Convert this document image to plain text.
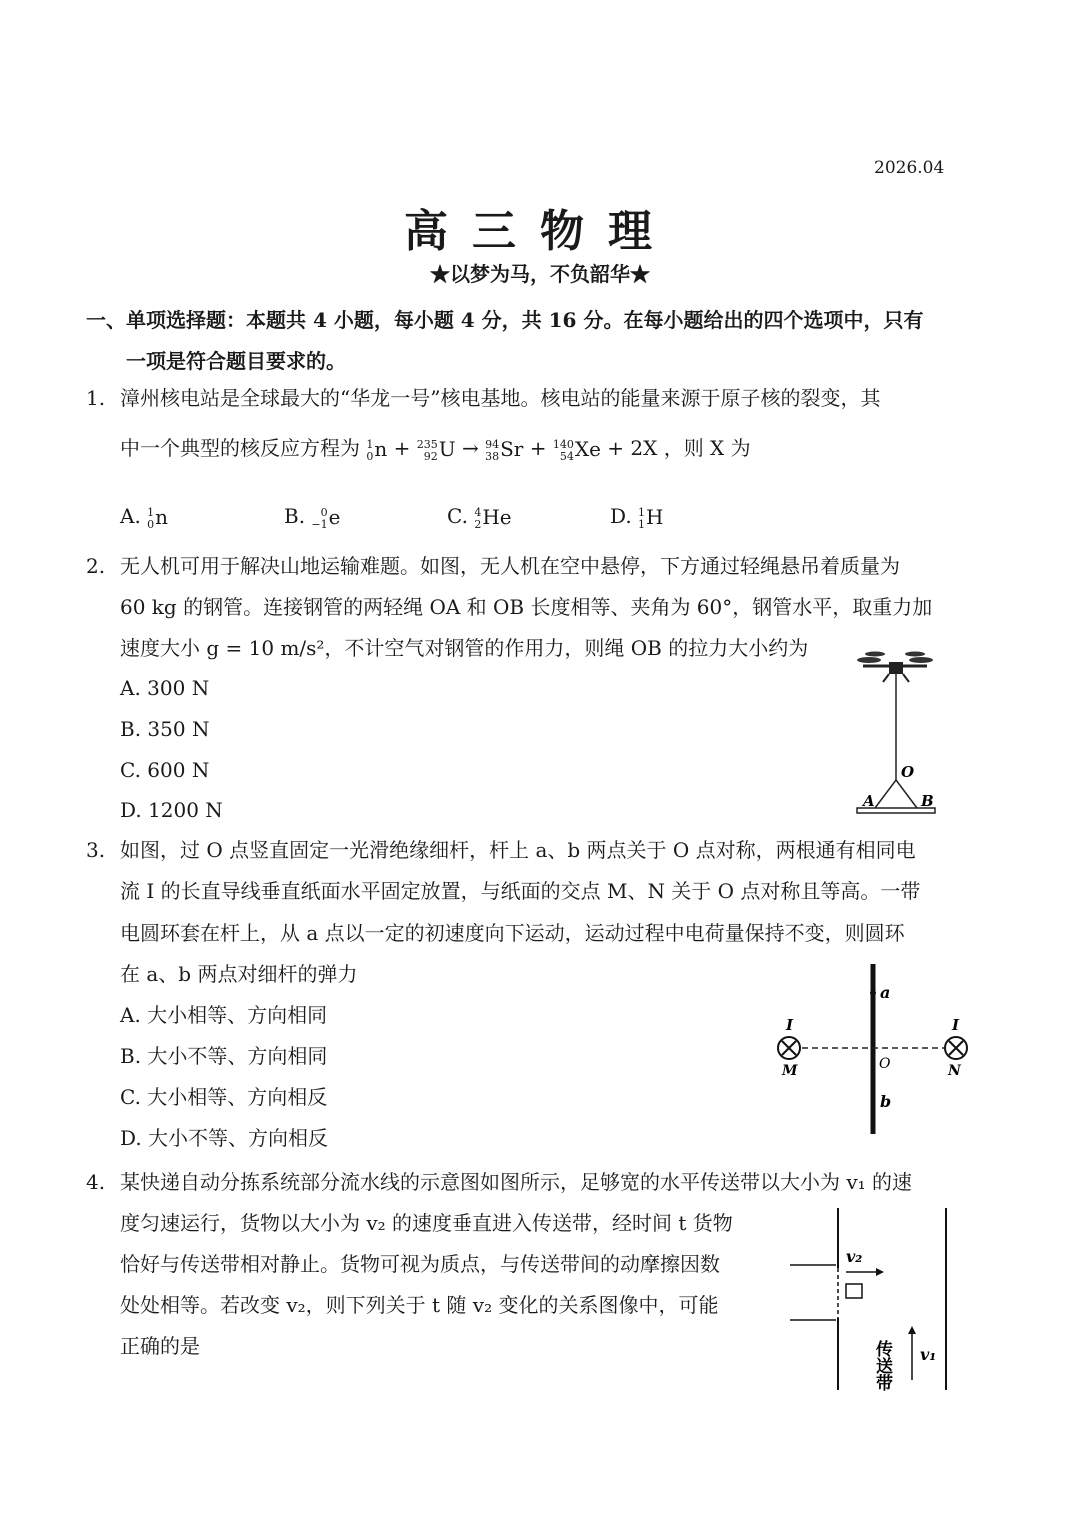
2026.04
高三物理
★以梦为马，不负韶华★
一、单项选择题：本题共 4 小题，每小题 4 分，共 16 分。在每小题给出的四个选项中，只有
一项是符合题目要求的。
1. 漳州核电站是全球最大的“华龙一号”核电基地。核电站的能量来源于原子核的裂变，其
中一个典型的核反应方程为 1
0 n + 235
92 U → 94
38 Sr + 140
54 Xe + 2X ，则 X 为
A. 1
0 n	B.	0
−1 e	C. 4
2 He	D. 1
1 H
2. 无人机可用于解决山地运输难题。如图，无人机在空中悬停，下方通过轻绳悬吊着质量为
60 kg 的钢管。连接钢管的两轻绳 OA 和 OB 长度相等、夹角为 60°，钢管水平，取重力加
速度大小 g = 10 m/s²，不计空气对钢管的作用力，则绳 OB 的拉力大小约为
A. 300 N
B. 350 N
C. 600 N
D. 1200 N
O
A	B
3. 如图，过 O 点竖直固定一光滑绝缘细杆，杆上 a、b 两点关于 O 点对称，两根通有相同电
流 I 的长直导线垂直纸面水平固定放置，与纸面的交点 M、N 关于 O 点对称且等高。一带
电圆环套在杆上，从 a 点以一定的初速度向下运动，运动过程中电荷量保持不变，则圆环
在 a、b 两点对细杆的弹力
A. 大小相等、方向相同
B. 大小不等、方向相同
C. 大小相等、方向相反
D. 大小不等、方向相反
a
b
O
M	N
I	I
4. 某快递自动分拣系统部分流水线的示意图如图所示，足够宽的水平传送带以大小为 v₁ 的速
度匀速运行，货物以大小为 v₂ 的速度垂直进入传送带，经时间 t 货物
恰好与传送带相对静止。货物可视为质点，与传送带间的动摩擦因数
处处相等。若改变 v₂，则下列关于 t 随 v₂ 变化的关系图像中，可能
正确的是
v₂
v₁
传送带
